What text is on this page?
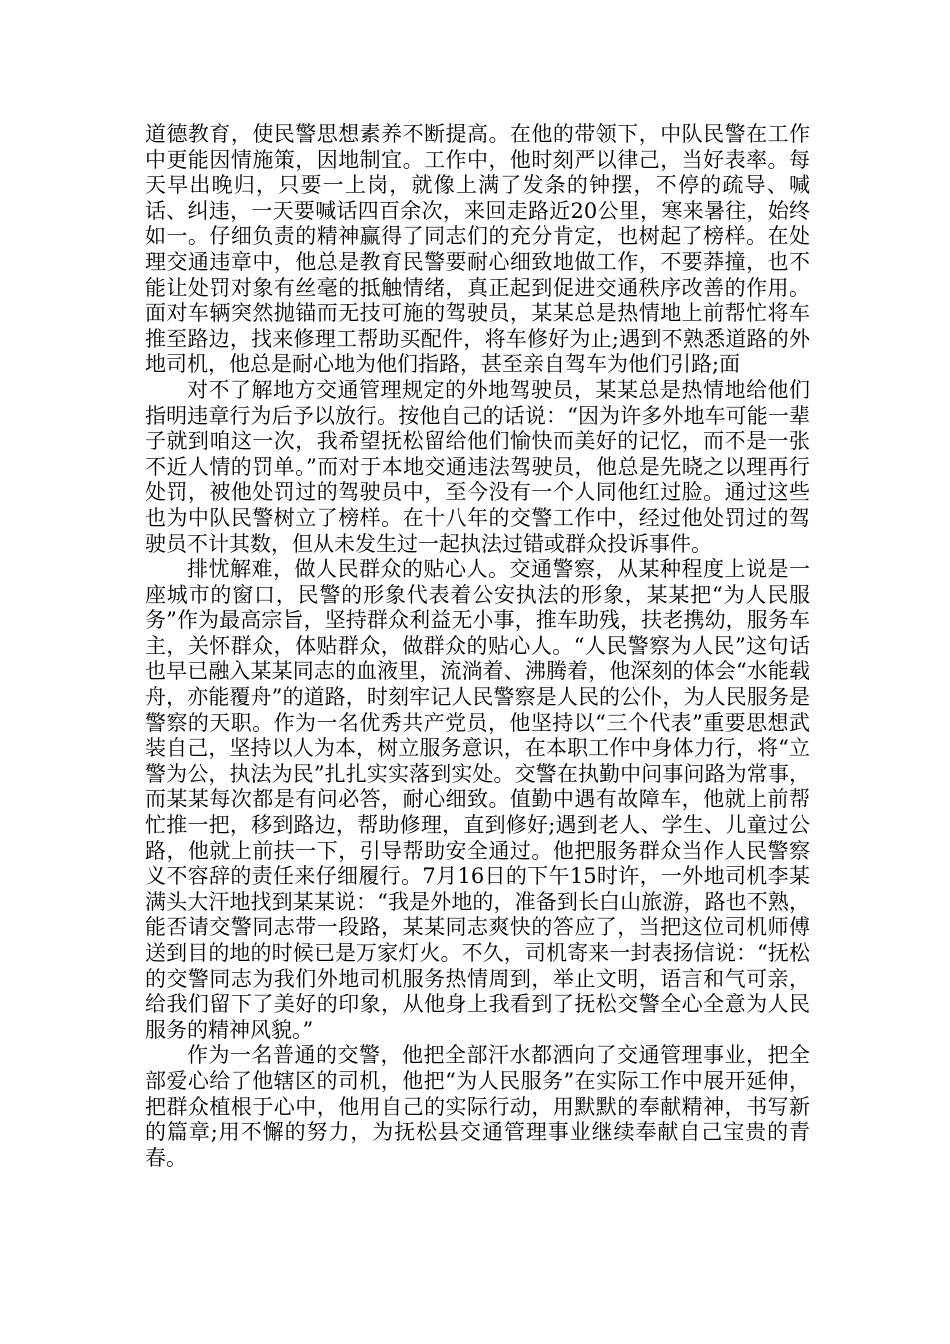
道德教育，使民警思想素养不断提高。在他的带领下，中队民警在工作中更能因情施策，因地制宜。工作中，他时刻严以律己，当好表率。每天早出晚归，只要一上岗，就像上满了发条的钟摆，不停的疏导、喊话、纠违，一天要喊话四百余次，来回走路近20公里，寒来暑往，始终如一。仔细负责的精神赢得了同志们的充分肯定，也树起了榜样。在处理交通违章中，他总是教育民警要耐心细致地做工作，不要莽撞，也不能让处罚对象有丝毫的抵触情绪，真正起到促进交通秩序改善的作用。面对车辆突然抛锚而无技可施的驾驶员，某某总是热情地上前帮忙将车推至路边，找来修理工帮助买配件，将车修好为止;遇到不熟悉道路的外地司机，他总是耐心地为他们指路，甚至亲自驾车为他们引路;面

对不了解地方交通管理规定的外地驾驶员，某某总是热情地给他们指明违章行为后予以放行。按他自己的话说：“因为许多外地车可能一辈子就到咱这一次，我希望抚松留给他们愉快而美好的记忆，而不是一张不近人情的罚单。”而对于本地交通违法驾驶员，他总是先晓之以理再行处罚，被他处罚过的驾驶员中，至今没有一个人同他红过脸。通过这些也为中队民警树立了榜样。在十八年的交警工作中，经过他处罚过的驾驶员不计其数，但从未发生过一起执法过错或群众投诉事件。

排忧解难，做人民群众的贴心人。交通警察，从某种程度上说是一座城市的窗口，民警的形象代表着公安执法的形象，某某把“为人民服务”作为最高宗旨，坚持群众利益无小事，推车助残，扶老携幼，服务车主，关怀群众，体贴群众，做群众的贴心人。“人民警察为人民”这句话也早已融入某某同志的血液里，流淌着、沸腾着，他深刻的体会“水能载舟，亦能覆舟”的道路，时刻牢记人民警察是人民的公仆，为人民服务是警察的天职。作为一名优秀共产党员，他坚持以“三个代表”重要思想武装自己，坚持以人为本，树立服务意识，在本职工作中身体力行，将“立警为公，执法为民”扎扎实实落到实处。交警在执勤中问事问路为常事，而某某每次都是有问必答，耐心细致。值勤中遇有故障车，他就上前帮忙推一把，移到路边，帮助修理，直到修好;遇到老人、学生、儿童过公路，他就上前扶一下，引导帮助安全通过。他把服务群众当作人民警察义不容辞的责任来仔细履行。7月16日的下午15时许，一外地司机李某满头大汗地找到某某说：“我是外地的，准备到长白山旅游，路也不熟，能否请交警同志带一段路，某某同志爽快的答应了，当把这位司机师傅送到目的地的时候已是万家灯火。不久，司机寄来一封表扬信说：“抚松的交警同志为我们外地司机服务热情周到，举止文明，语言和气可亲，给我们留下了美好的印象，从他身上我看到了抚松交警全心全意为人民服务的精神风貌。”

作为一名普通的交警，他把全部汗水都洒向了交通管理事业，把全部爱心给了他辖区的司机，他把“为人民服务”在实际工作中展开延伸，把群众植根于心中，他用自己的实际行动，用默默的奉献精神，书写新的篇章;用不懈的努力，为抚松县交通管理事业继续奉献自己宝贵的青春。
